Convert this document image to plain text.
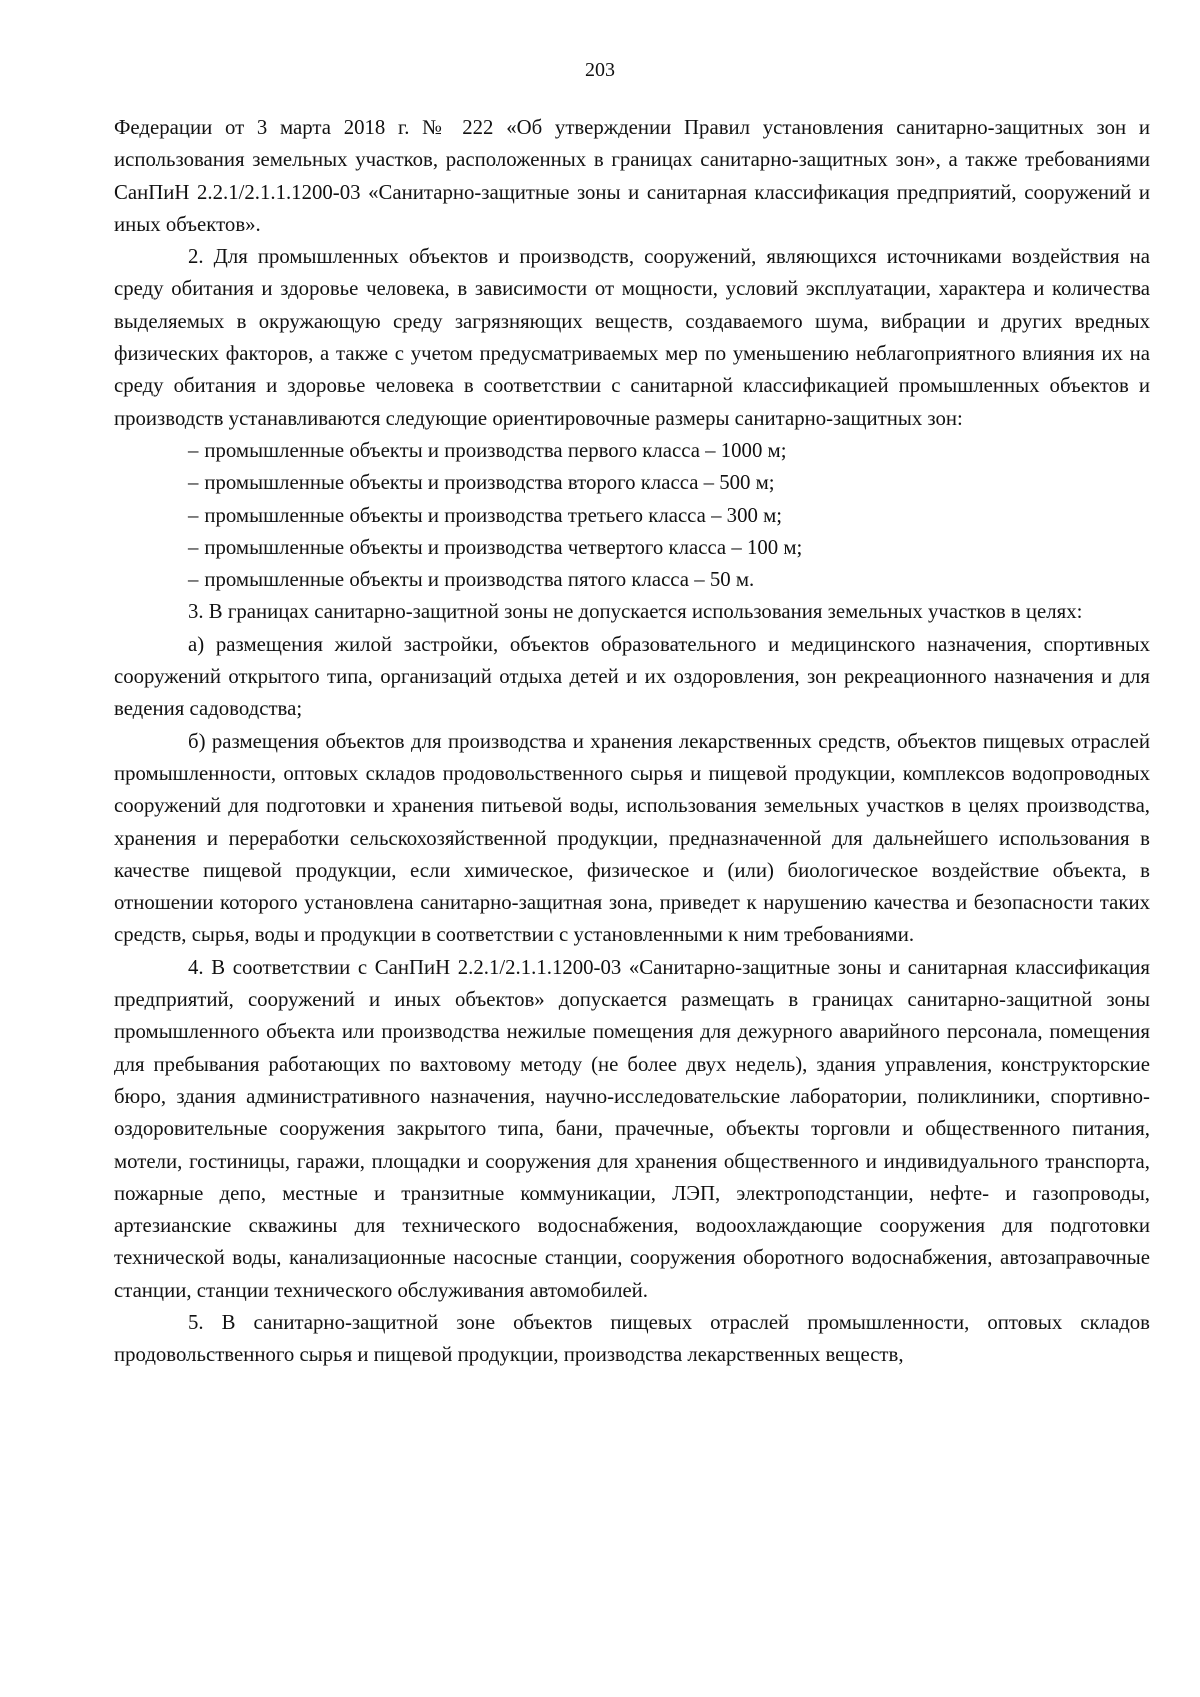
203

Федерации от 3 марта 2018 г. № 222 «Об утверждении Правил установления санитарно-защитных зон и использования земельных участков, расположенных в границах санитарно-защитных зон», а также требованиями СанПиН 2.2.1/2.1.1.1200-03 «Санитарно-защитные зоны и санитарная классификация предприятий, сооружений и иных объектов».

2. Для промышленных объектов и производств, сооружений, являющихся источниками воздействия на среду обитания и здоровье человека, в зависимости от мощности, условий эксплуатации, характера и количества выделяемых в окружающую среду загрязняющих веществ, создаваемого шума, вибрации и других вредных физических факторов, а также с учетом предусматриваемых мер по уменьшению неблагоприятного влияния их на среду обитания и здоровье человека в соответствии с санитарной классификацией промышленных объектов и производств устанавливаются следующие ориентировочные размеры санитарно-защитных зон:

– промышленные объекты и производства первого класса – 1000 м;

– промышленные объекты и производства второго класса – 500 м;

– промышленные объекты и производства третьего класса – 300 м;

– промышленные объекты и производства четвертого класса – 100 м;

– промышленные объекты и производства пятого класса – 50 м.

3. В границах санитарно-защитной зоны не допускается использования земельных участков в целях:

а) размещения жилой застройки, объектов образовательного и медицинского назначения, спортивных сооружений открытого типа, организаций отдыха детей и их оздоровления, зон рекреационного назначения и для ведения садоводства;

б) размещения объектов для производства и хранения лекарственных средств, объектов пищевых отраслей промышленности, оптовых складов продовольственного сырья и пищевой продукции, комплексов водопроводных сооружений для подготовки и хранения питьевой воды, использования земельных участков в целях производства, хранения и переработки сельскохозяйственной продукции, предназначенной для дальнейшего использования в качестве пищевой продукции, если химическое, физическое и (или) биологическое воздействие объекта, в отношении которого установлена санитарно-защитная зона, приведет к нарушению качества и безопасности таких средств, сырья, воды и продукции в соответствии с установленными к ним требованиями.

4. В соответствии с СанПиН 2.2.1/2.1.1.1200-03 «Санитарно-защитные зоны и санитарная классификация предприятий, сооружений и иных объектов» допускается размещать в границах санитарно-защитной зоны промышленного объекта или производства нежилые помещения для дежурного аварийного персонала, помещения для пребывания работающих по вахтовому методу (не более двух недель), здания управления, конструкторские бюро, здания административного назначения, научно-исследовательские лаборатории, поликлиники, спортивно-оздоровительные сооружения закрытого типа, бани, прачечные, объекты торговли и общественного питания, мотели, гостиницы, гаражи, площадки и сооружения для хранения общественного и индивидуального транспорта, пожарные депо, местные и транзитные коммуникации, ЛЭП, электроподстанции, нефте- и газопроводы, артезианские скважины для технического водоснабжения, водоохлаждающие сооружения для подготовки технической воды, канализационные насосные станции, сооружения оборотного водоснабжения, автозаправочные станции, станции технического обслуживания автомобилей.

5. В санитарно-защитной зоне объектов пищевых отраслей промышленности, оптовых складов продовольственного сырья и пищевой продукции, производства лекарственных веществ,
